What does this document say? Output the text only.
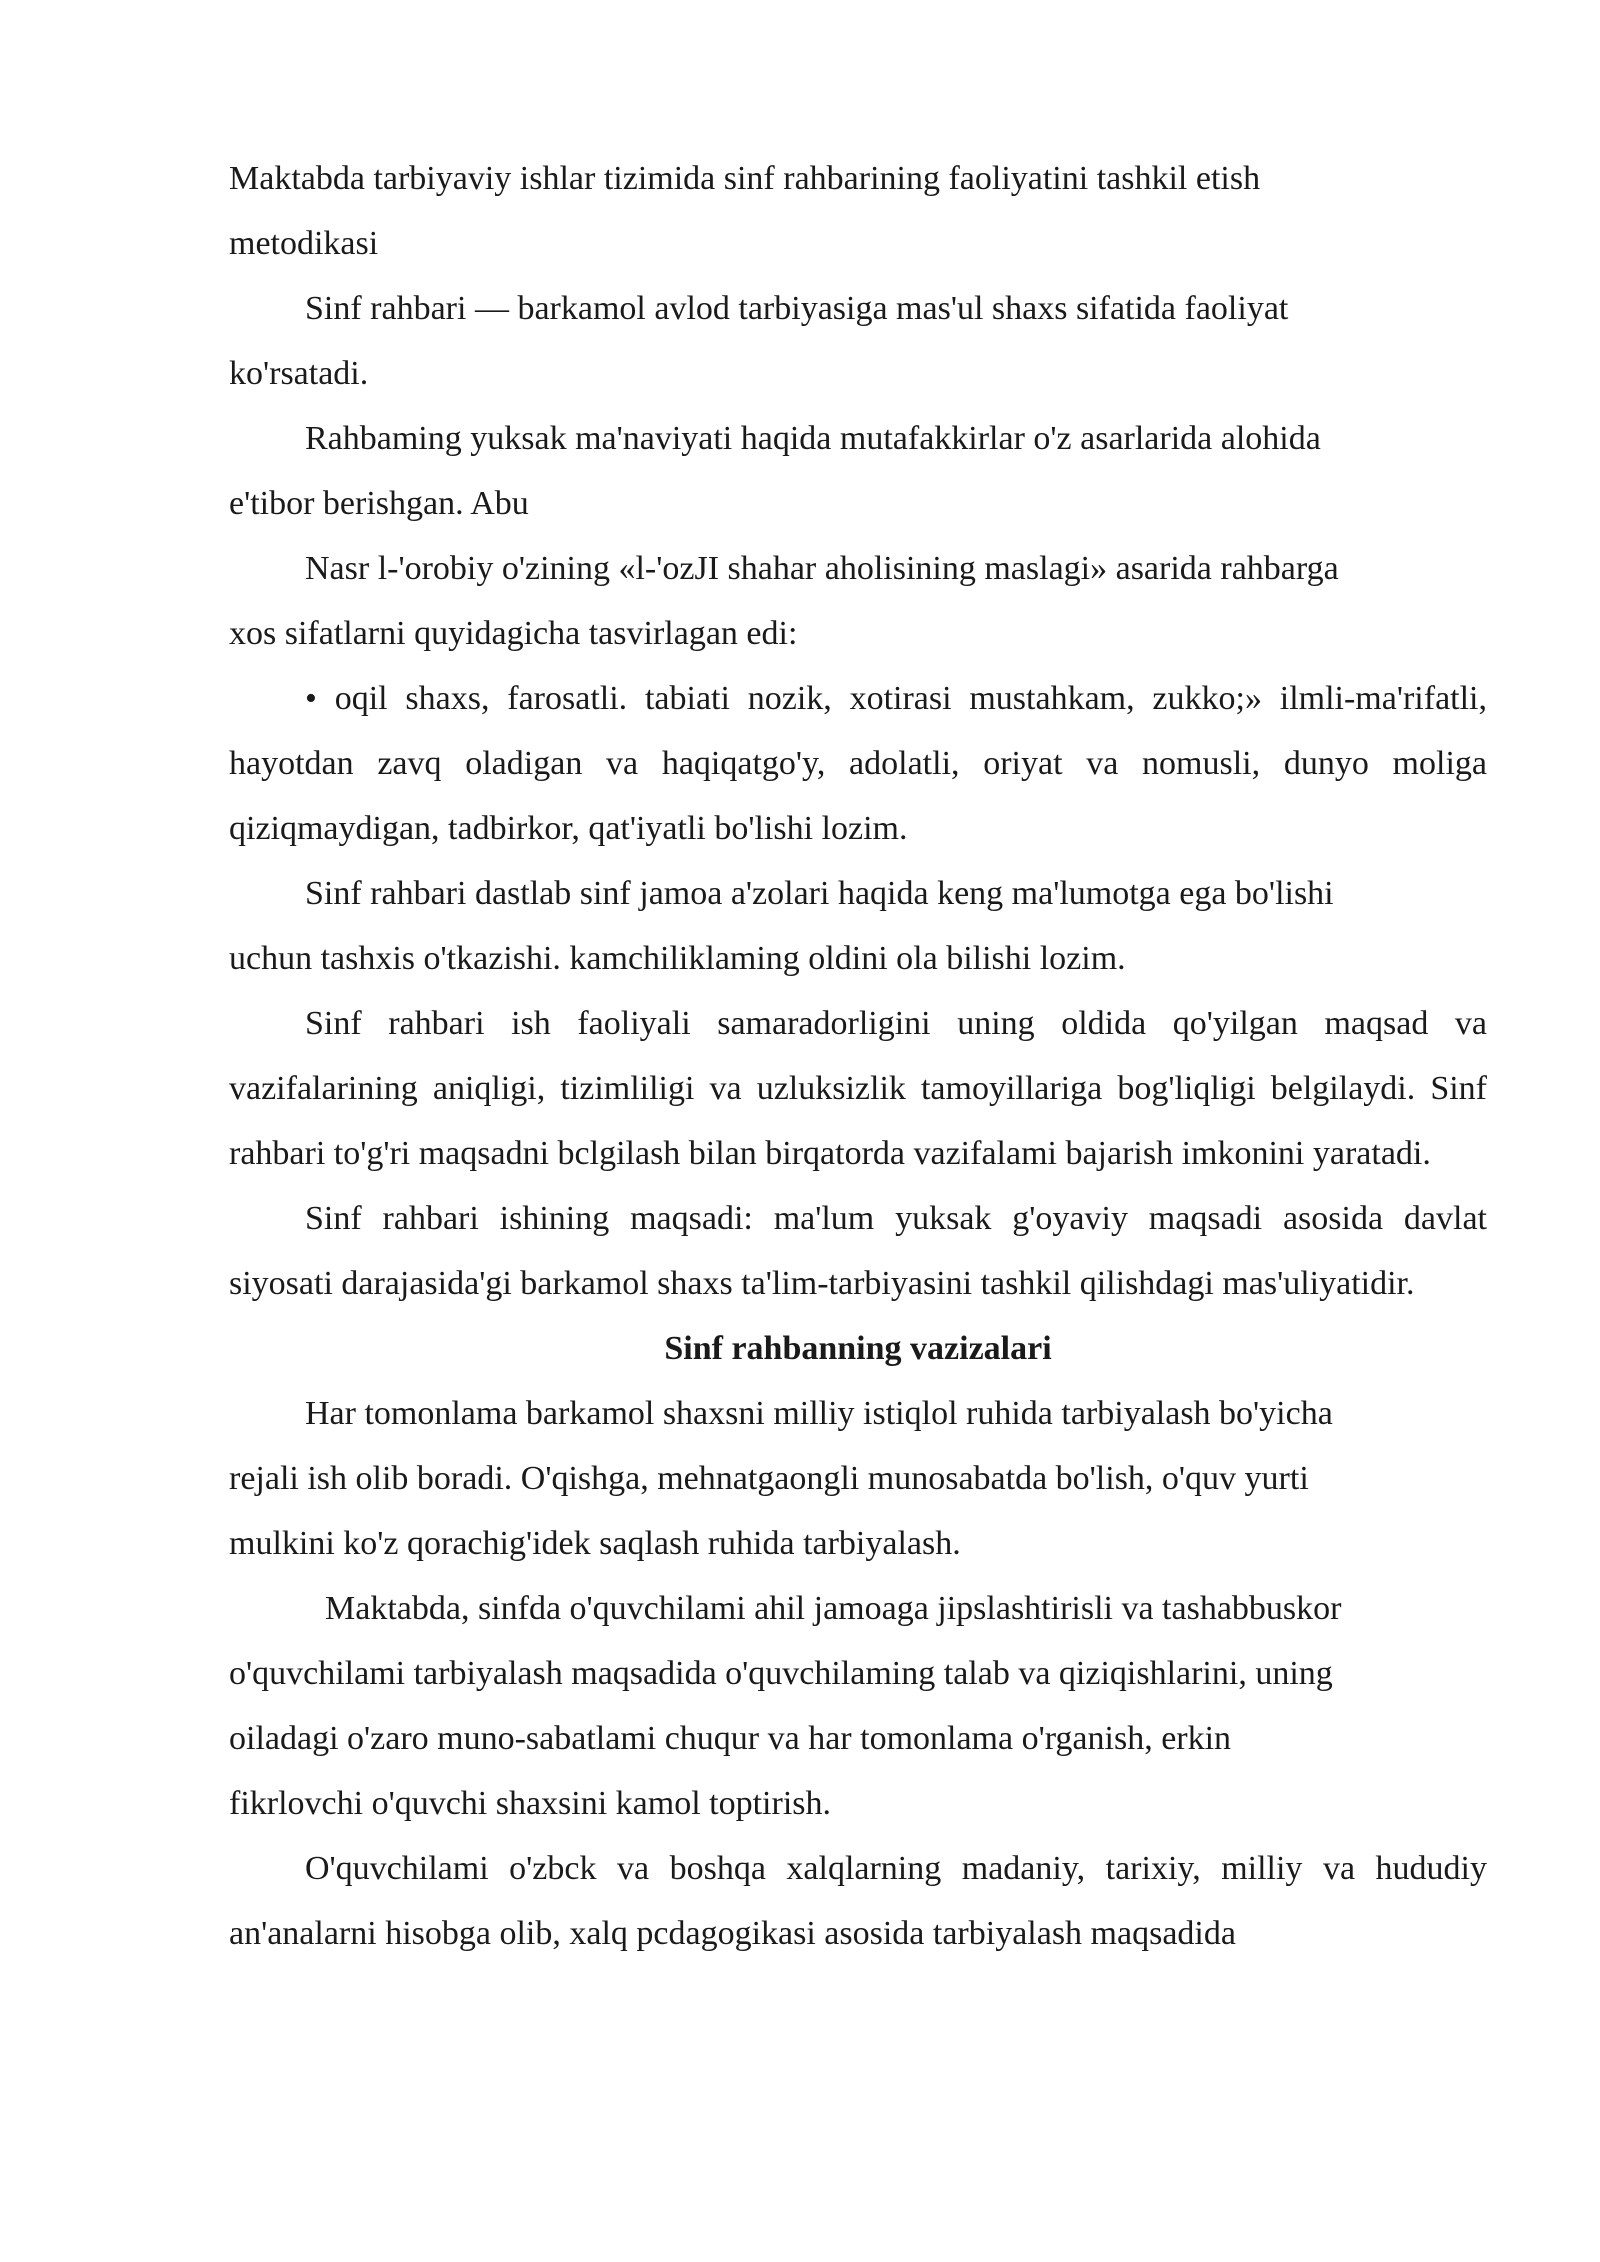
Maktabda tarbiyaviy ishlar tizimida sinf rahbarining faoliyatini tashkil etish
metodikasi

Sinf rahbari — barkamol avlod tarbiyasiga mas'ul shaxs sifatida faoliyat
ko'rsatadi.

Rahbaming yuksak ma'naviyati haqida mutafakkirlar o'z asarlarida alohida
e'tibor berishgan. Abu

Nasr l-'orobiy o'zining «l-'ozJI shahar aholisining maslagi» asarida rahbarga
xos sifatlarni quyidagicha tasvirlagan edi:

• oqil shaxs, farosatli. tabiati nozik, xotirasi mustahkam, zukko;» ilmli-ma'rifatli, hayotdan zavq oladigan va haqiqatgo'y, adolatli, oriyat va nomusli, dunyo moliga qiziqmaydigan, tadbirkor, qat'iyatli bo'lishi lozim.

Sinf rahbari dastlab sinf jamoa a'zolari haqida keng ma'lumotga ega bo'lishi
uchun tashxis o'tkazishi. kamchiliklaming oldini ola bilishi lozim.

Sinf rahbari ish faoliyali samaradorligini uning oldida qo'yilgan maqsad va vazifalarining aniqligi, tizimliligi va uzluksizlik tamoyillariga bog'liqligi belgilaydi. Sinf rahbari to'g'ri maqsadni bclgilash bilan birqatorda vazifalami bajarish imkonini yaratadi.

Sinf rahbari ishining maqsadi: ma'lum yuksak g'oyaviy maqsadi asosida davlat siyosati darajasida'gi barkamol shaxs ta'lim-tarbiyasini tashkil qilishdagi mas'uliyatidir.

Sinf rahbanning vazizalari

Har tomonlama barkamol shaxsni milliy istiqlol ruhida tarbiyalash bo'yicha
rejali ish olib boradi. O'qishga, mehnatgaongli munosabatda bo'lish, o'quv yurti
mulkini ko'z qorachig'idek saqlash ruhida tarbiyalash.

Maktabda, sinfda o'quvchilami ahil jamoaga jipslashtirisli va tashabbuskor
o'quvchilami tarbiyalash maqsadida o'quvchilaming talab va qiziqishlarini, uning
oiladagi o'zaro muno-sabatlami chuqur va har tomonlama o'rganish, erkin
fikrlovchi o'quvchi shaxsini kamol toptirish.

O'quvchilami o'zbck va boshqa xalqlarning madaniy, tarixiy, milliy va hududiy an'analarni hisobga olib, xalq pcdagogikasi asosida tarbiyalash maqsadida
